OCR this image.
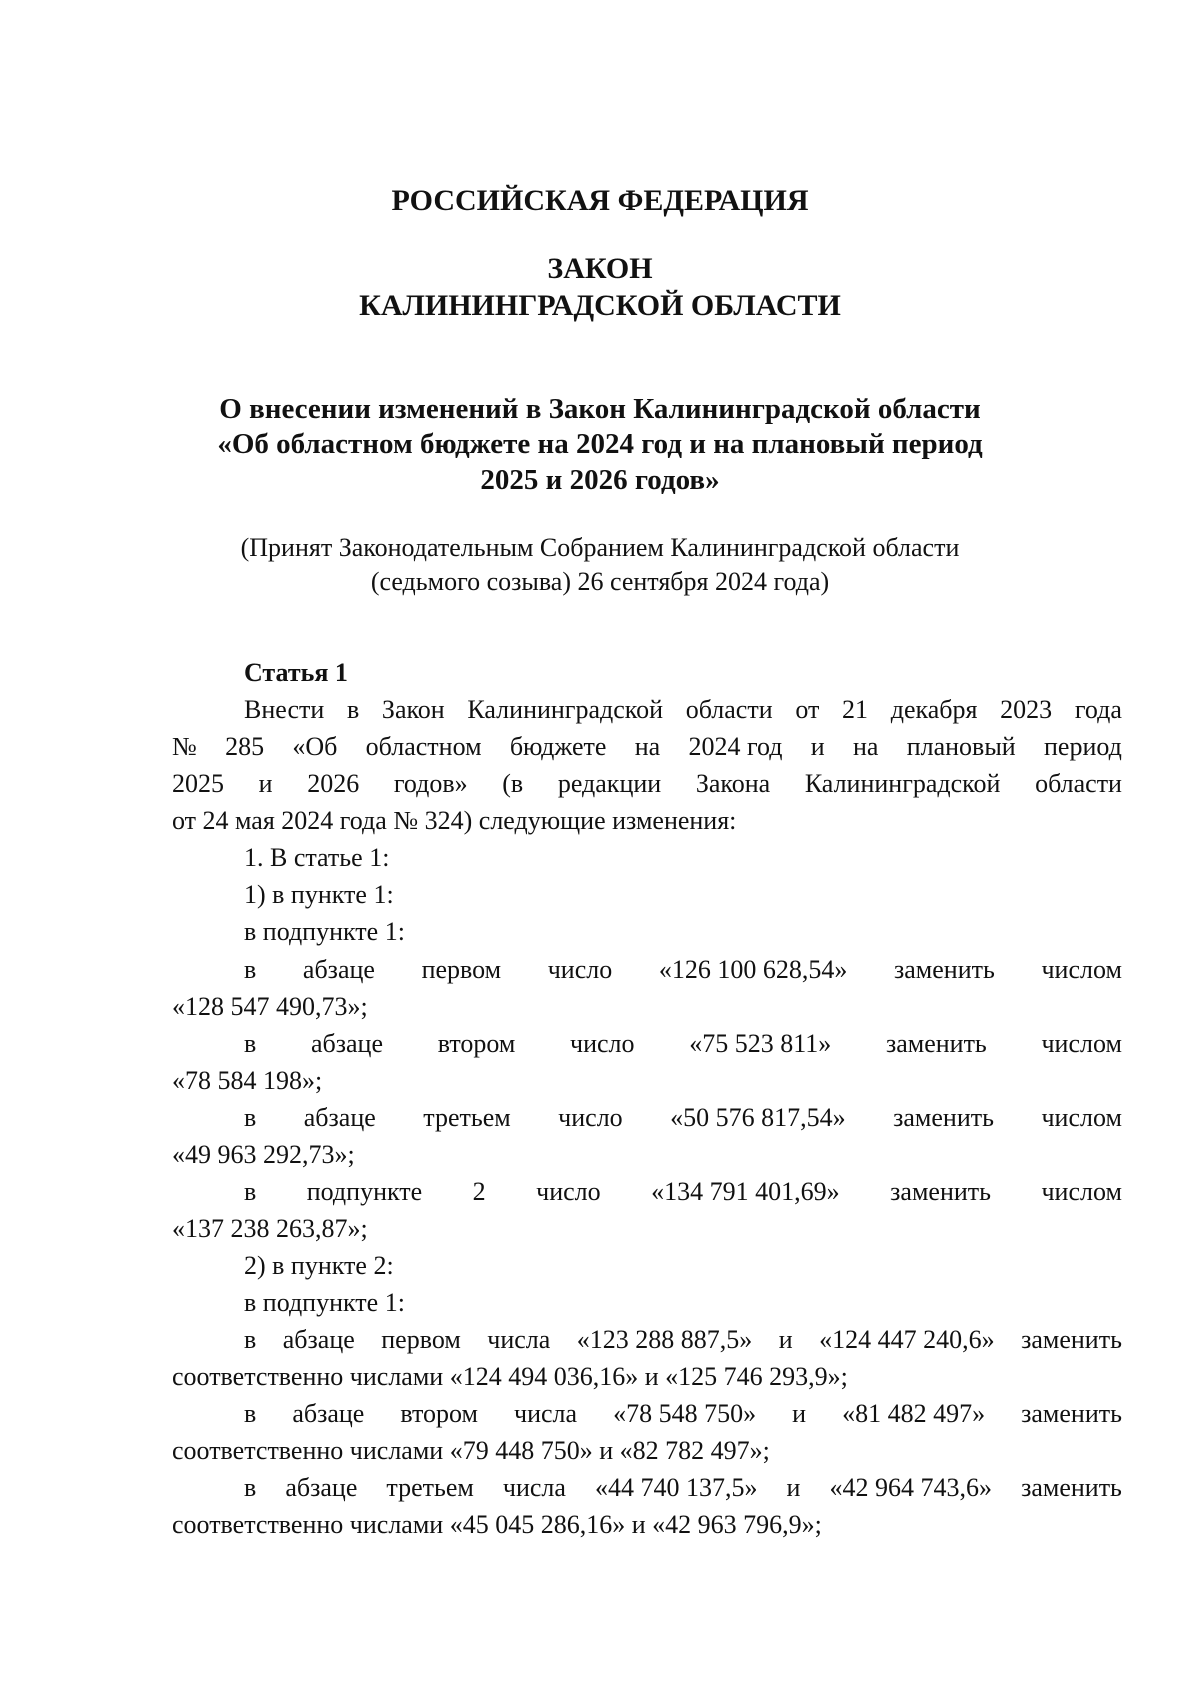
РОССИЙСКАЯ ФЕДЕРАЦИЯ
ЗАКОН
КАЛИНИНГРАДСКОЙ ОБЛАСТИ
О внесении изменений в Закон Калининградской области
«Об областном бюджете на 2024 год и на плановый период
2025 и 2026 годов»
(Принят Законодательным Собранием Калининградской области
(седьмого созыва) 26 сентября 2024 года)
Статья 1
Внести в Закон Калининградской области от 21 декабря 2023 года
№ 285 «Об областном бюджете на 2024 год и на плановый период
2025 и 2026 годов» (в редакции Закона Калининградской области
от 24 мая 2024 года № 324) следующие изменения:
1. В статье 1:
1) в пункте 1:
в подпункте 1:
в абзаце первом число «126 100 628,54» заменить числом
«128 547 490,73»;
в абзаце втором число «75 523 811» заменить числом
«78 584 198»;
в абзаце третьем число «50 576 817,54» заменить числом
«49 963 292,73»;
в подпункте 2 число «134 791 401,69» заменить числом
«137 238 263,87»;
2) в пункте 2:
в подпункте 1:
в абзаце первом числа «123 288 887,5» и «124 447 240,6» заменить
соответственно числами «124 494 036,16» и «125 746 293,9»;
в абзаце втором числа «78 548 750» и «81 482 497» заменить
соответственно числами «79 448 750» и «82 782 497»;
в абзаце третьем числа «44 740 137,5» и «42 964 743,6» заменить
соответственно числами «45 045 286,16» и «42 963 796,9»;
